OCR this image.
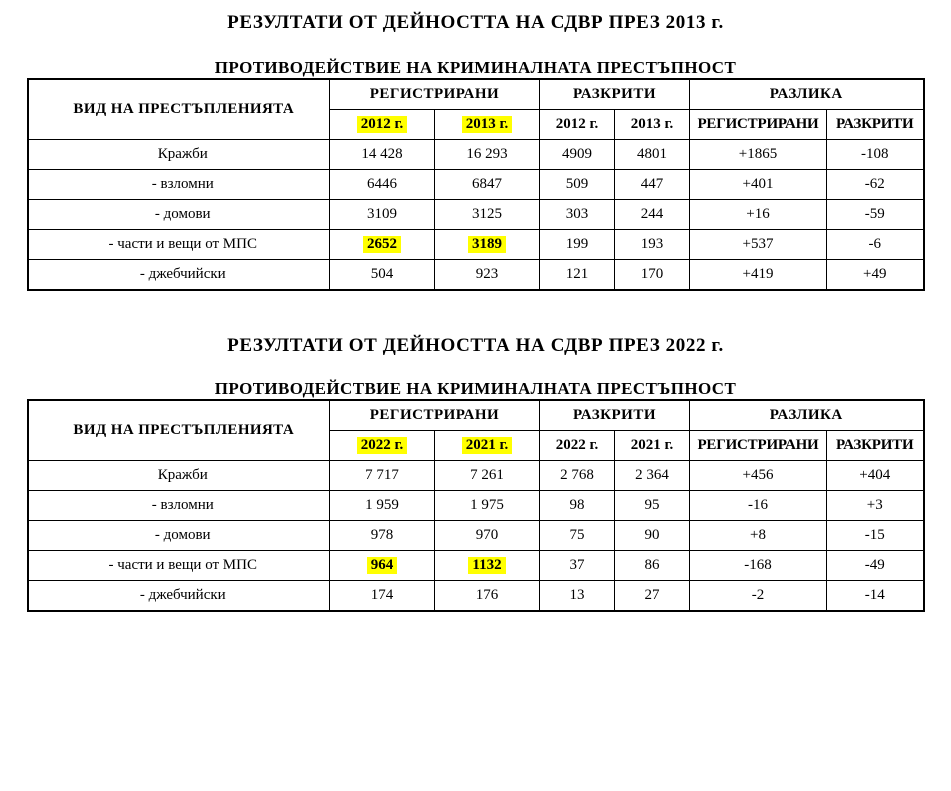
РЕЗУЛТАТИ ОТ ДЕЙНОСТТА НА СДВР ПРЕЗ 2013 г.
ПРОТИВОДЕЙСТВИЕ НА КРИМИНАЛНАТА ПРЕСТЪПНОСТ
ВИД НА ПРЕСТЪПЛЕНИЯТА	РЕГИСТРИРАНИ		РАЗКРИТИ		РАЗЛИКА	
	2012 г.	2013 г.	2012 г.	2013 г.	РЕГИСТРИРАНИ	РАЗКРИТИ
Кражби	14 428	16 293	4909	4801	+1865	-108
- взломни	6446	6847	509	447	+401	-62
- домови	3109	3125	303	244	+16	-59
- части и вещи от МПС	2652	3189	199	193	+537	-6
- джебчийски	504	923	121	170	+419	+49
РЕЗУЛТАТИ ОТ ДЕЙНОСТТА НА СДВР ПРЕЗ 2022 г.
ПРОТИВОДЕЙСТВИЕ НА КРИМИНАЛНАТА ПРЕСТЪПНОСТ
ВИД НА ПРЕСТЪПЛЕНИЯТА	РЕГИСТРИРАНИ		РАЗКРИТИ		РАЗЛИКА	
	2022 г.	2021 г.	2022 г.	2021 г.	РЕГИСТРИРАНИ	РАЗКРИТИ
Кражби	7 717	7 261	2 768	2 364	+456	+404
- взломни	1 959	1 975	98	95	-16	+3
- домови	978	970	75	90	+8	-15
- части и вещи от МПС	964	1132	37	86	-168	-49
- джебчийски	174	176	13	27	-2	-14
